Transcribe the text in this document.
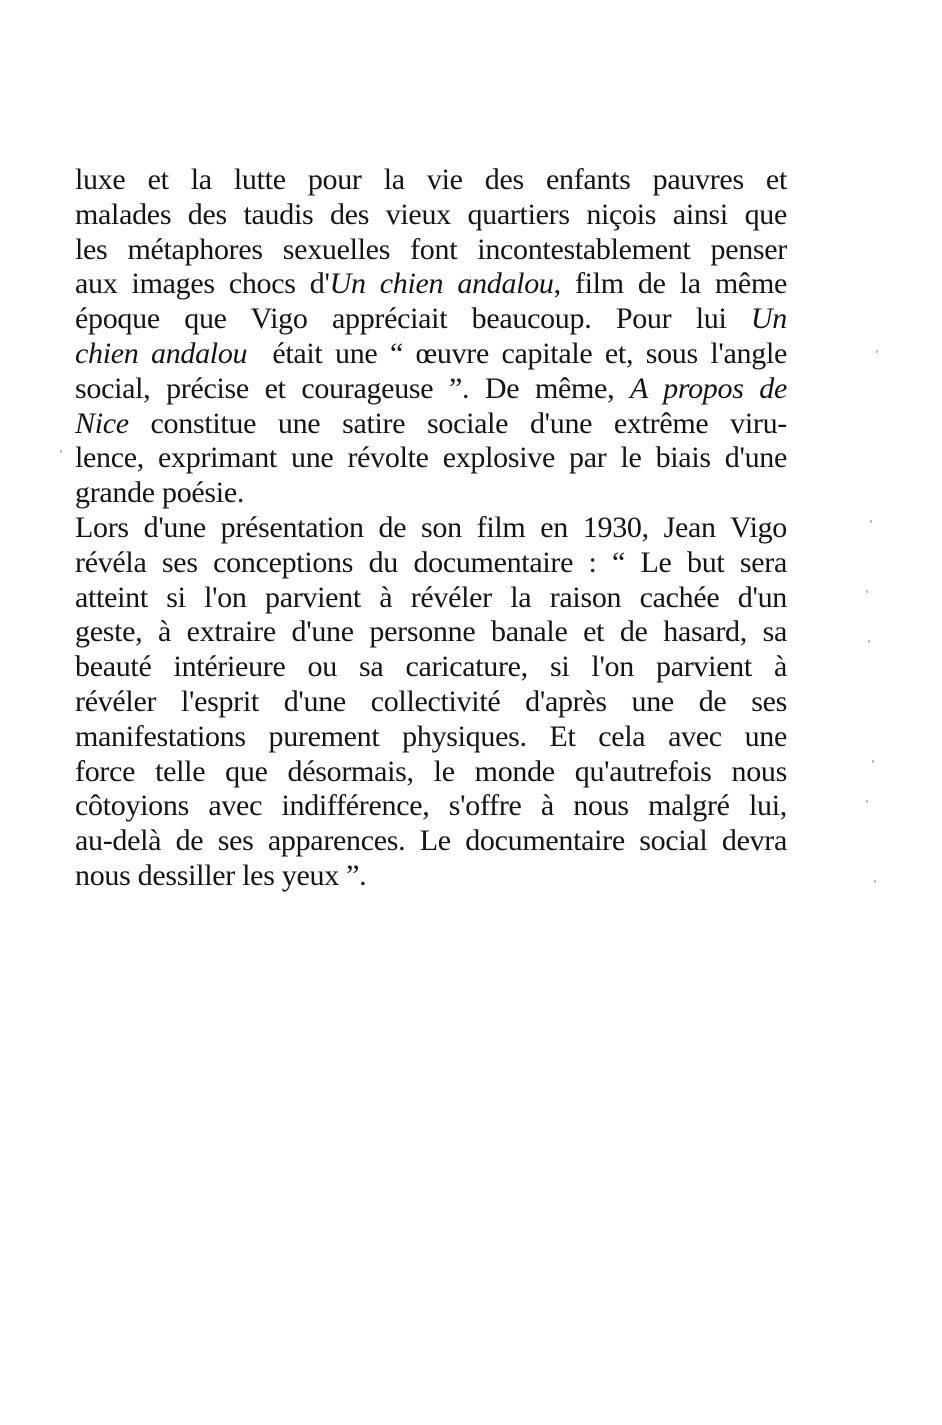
luxe et la lutte pour la vie des enfants pauvres et
malades des taudis des vieux quartiers niçois ainsi que
les métaphores sexuelles font incontestablement penser
aux images chocs d'Un chien andalou, film de la même
époque que Vigo appréciait beaucoup. Pour lui Un
chien andalou  était une “ œuvre capitale et, sous l'angle
social, précise et courageuse ”. De même, A propos de
Nice constitue une satire sociale d'une extrême viru-
lence, exprimant une révolte explosive par le biais d'une
grande poésie.

Lors d'une présentation de son film en 1930, Jean Vigo
révéla ses conceptions du documentaire : “ Le but sera
atteint si l'on parvient à révéler la raison cachée d'un
geste, à extraire d'une personne banale et de hasard, sa
beauté intérieure ou sa caricature, si l'on parvient à
révéler l'esprit d'une collectivité d'après une de ses
manifestations purement physiques. Et cela avec une
force telle que désormais, le monde qu'autrefois nous
côtoyions avec indifférence, s'offre à nous malgré lui,
au-delà de ses apparences. Le documentaire social devra
nous dessiller les yeux ”.
